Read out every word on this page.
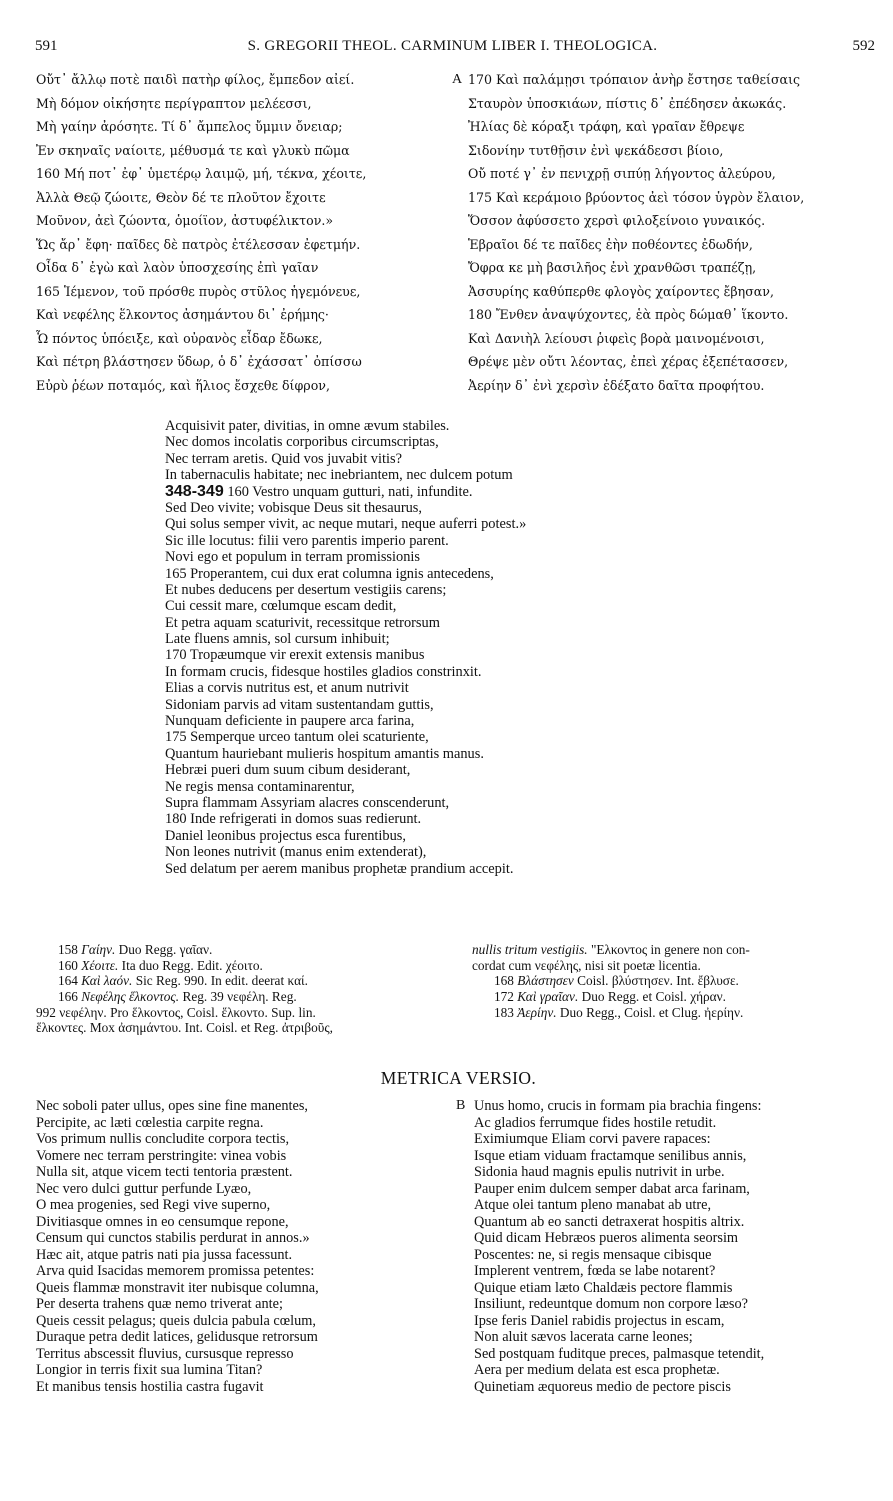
591	S. GREGORII THEOL. CARMINUM LIBER I. THEOLOGICA.	592
Οὔτ᾽ ἄλλῳ ποτὲ παιδὶ πατὴρ φίλος, ἔμπεδον αἰεί.
Μὴ δόμον οἰκήσητε περίγραπτον μελέεσσι,
Μὴ γαίην ἀρόσητε. Τί δ᾽ ἄμπελος ὔμμιν ὄνειαρ;
Ἐν σκηναῖς ναίοιτε, μέθυσμά τε καὶ γλυκὺ πῶμα
160 Μή ποτ᾽ ἐφ᾽ ὑμετέρῳ λαιμῷ, μή, τέκνα, χέοιτε,
Ἀλλὰ Θεῷ ζώοιτε, Θεὸν δέ τε πλοῦτον ἔχοιτε
Μοῦνον, ἀεὶ ζώοντα, ὁμοίϊον, ἀστυφέλικτον.»
Ὥς ἄρ᾽ ἔφη· παῖδες δὲ πατρὸς ἐτέλεσσαν ἐφετμήν.
Οἶδα δ᾽ ἐγὼ καὶ λαὸν ὑποσχεσίης ἐπὶ γαῖαν
165 Ἱέμενον, τοῦ πρόσθε πυρὸς στῦλος ἡγεμόνευε,
Καὶ νεφέλης ἕλκοντος ἀσημάντου δι᾽ ἐρήμης·
Ὧ πόντος ὑπόειξε, καὶ οὐρανὸς εἶδαρ ἔδωκε,
Καὶ πέτρη βλάστησεν ὕδωρ, ὁ δ᾽ ἐχάσσατ᾽ ὀπίσσω
Εὐρὺ ῥέων ποταμός, καὶ ἥλιος ἔσχεθε δίφρον,
170 Καὶ παλάμῃσι τρόπαιον ἀνὴρ ἔστησε ταθείσαις
Σταυρὸν ὑποσκιάων, πίστις δ᾽ ἐπέδησεν ἀκωκάς.
Ἠλίας δὲ κόραξι τράφη, καὶ γραῖαν ἔθρεψε
Σιδονίην τυτθῇσιν ἐνὶ ψεκάδεσσι βίοιο,
Οὔ ποτέ γ᾽ ἐν πενιχρῇ σιπύῃ λήγοντος ἀλεύρου,
175 Καὶ κεράμοιο βρύοντος ἀεὶ τόσον ὑγρὸν ἔλαιον,
Ὅσσον ἀφύσσετο χερσὶ φιλοξείνοιο γυναικός.
Ἑβραῖοι δέ τε παῖδες ἐὴν ποθέοντες ἐδωδήν,
Ὄφρα κε μὴ βασιλῆος ἐνὶ χρανθῶσι τραπέζῃ,
Ἀσσυρίης καθύπερθε φλογὸς χαίροντες ἔβησαν,
180 Ἔνθεν ἀναψύχοντες, ἑὰ πρὸς δώμαθ᾽ ἵκοντο.
Καὶ Δανιὴλ λείουσι ῥιφεὶς βορὰ μαινομένοισι,
Θρέψε μὲν οὔτι λέοντας, ἐπεὶ χέρας ἐξεπέτασσεν,
Ἀερίην δ᾽ ἐνὶ χερσὶν ἐδέξατο δαῖτα προφήτου.
A
Acquisivit pater, divitias, in omne ævum stabiles.
Nec domos incolatis corporibus circumscriptas,
Nec terram aretis. Quid vos juvabit vitis?
In tabernaculis habitate; nec inebriantem, nec dulcem potum
348-349 160 Vestro unquam gutturi, nati, infundite.
Sed Deo vivite; vobisque Deus sit thesaurus,
Qui solus semper vivit, ac neque mutari, neque auferri potest.»
Sic ille locutus: filii vero parentis imperio parent.
Novi ego et populum in terram promissionis
165 Properantem, cui dux erat columna ignis antecedens,
Et nubes deducens per desertum vestigiis carens;
Cui cessit mare, cœlumque escam dedit,
Et petra aquam scaturivit, recessitque retrorsum
Late fluens amnis, sol cursum inhibuit;
170 Tropæumque vir erexit extensis manibus
In formam crucis, fidesque hostiles gladios constrinxit.
Elias a corvis nutritus est, et anum nutrivit
Sidoniam parvis ad vitam sustentandam guttis,
Nunquam deficiente in paupere arca farina,
175 Semperque urceo tantum olei scaturiente,
Quantum hauriebant mulieris hospitum amantis manus.
Hebræi pueri dum suum cibum desiderant,
Ne regis mensa contaminarentur,
Supra flammam Assyriam alacres conscenderunt,
180 Inde refrigerati in domos suas redierunt.
Daniel leonibus projectus esca furentibus,
Non leones nutrivit (manus enim extenderat),
Sed delatum per aerem manibus prophetæ prandium accepit.
158 Γαίην. Duo Regg. γαῖαν.
160 Χέοιτε. Ita duo Regg. Edit. χέοιτο.
164 Καὶ λαόν. Sic Reg. 990. In edit. deerat καί.
166 Νεφέλης ἕλκοντος. Reg. 39 νεφέλη. Reg.
992 νεφέλην. Pro ἕλκοντος, Coisl. ἕλκοντο. Sup. lin.
ἕλκοντες. Mox ἀσημάντου. Int. Coisl. et Reg. ἀτριβοῦς,
nullis tritum vestigiis. "Ελκοντος in genere non con-
cordat cum νεφέλης, nisi sit poetæ licentia.
168 Βλάστησεν Coisl. βλύστησεν. Int. ἔβλυσε.
172 Καὶ γραῖαν. Duo Regg. et Coisl. χήραν.
183 Ἀερίην. Duo Regg., Coisl. et Clug. ἠερίην.
METRICA VERSIO.
Nec soboli pater ullus, opes sine fine manentes,
Percipite, ac læti cœlestia carpite regna.
Vos primum nullis concludite corpora tectis,
Vomere nec terram perstringite: vinea vobis
Nulla sit, atque vicem tecti tentoria præstent.
Nec vero dulci guttur perfunde Lyæo,
O mea progenies, sed Regi vive superno,
Divitiasque omnes in eo censumque repone,
Censum qui cunctos stabilis perdurat in annos.»
Hæc ait, atque patris nati pia jussa facessunt.
Arva quid Isacidas memorem promissa petentes:
Queis flammæ monstravit iter nubisque columna,
Per deserta trahens quæ nemo triverat ante;
Queis cessit pelagus; queis dulcia pabula cœlum,
Duraque petra dedit latices, gelidusque retrorsum
Territus abscessit fluvius, cursusque represso
Longior in terris fixit sua lumina Titan?
Et manibus tensis hostilia castra fugavit
Unus homo, crucis in formam pia brachia fingens:
Ac gladios ferrumque fides hostile retudit.
Eximiumque Eliam corvi pavere rapaces:
Isque etiam viduam fractamque senilibus annis,
Sidonia haud magnis epulis nutrivit in urbe.
Pauper enim dulcem semper dabat arca farinam,
Atque olei tantum pleno manabat ab utre,
Quantum ab eo sancti detraxerat hospitis altrix.
Quid dicam Hebræos pueros alimenta seorsim
Poscentes: ne, si regis mensaque cibisque
Implerent ventrem, fœda se labe notarent?
Quique etiam læto Chaldæis pectore flammis
Insiliunt, redeuntque domum non corpore læso?
Ipse feris Daniel rabidis projectus in escam,
Non aluit sævos lacerata carne leones;
Sed postquam fuditque preces, palmasque tetendit,
Aera per medium delata est esca prophetæ.
Quinetiam æquoreus medio de pectore piscis
B
